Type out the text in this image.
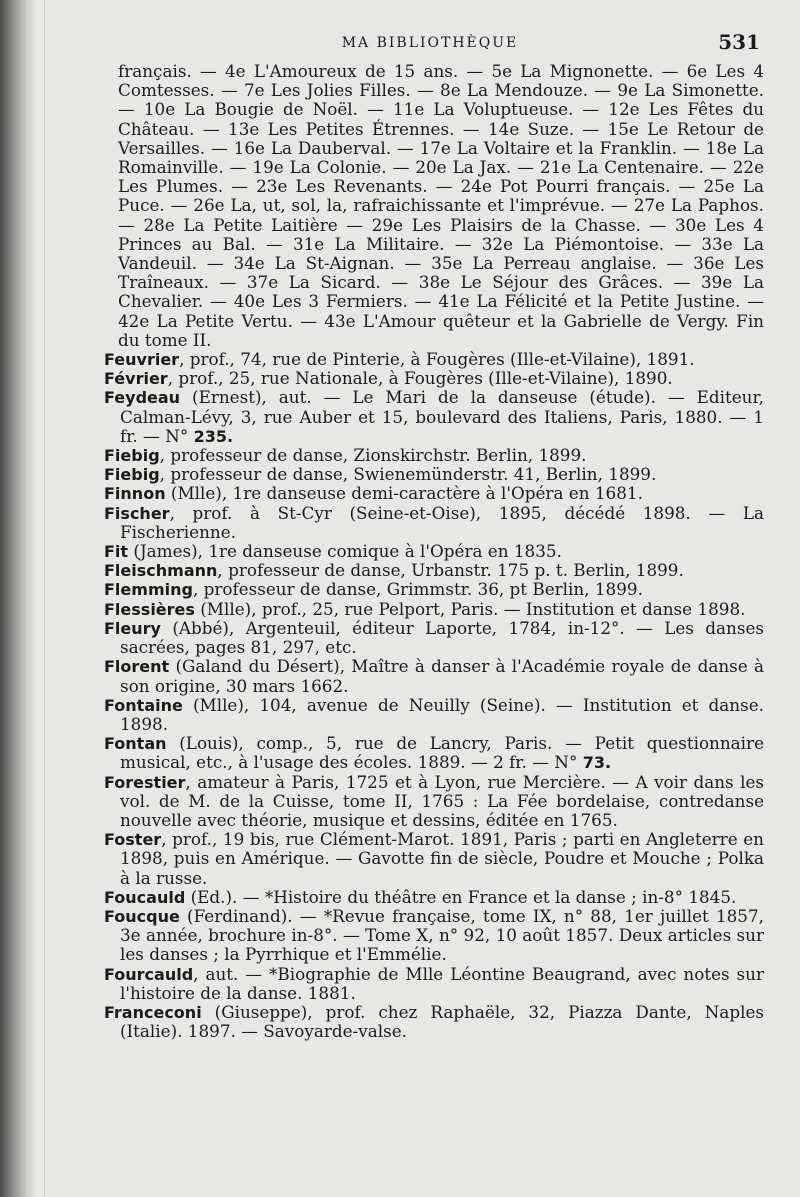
MA BIBLIOTHÈQUE	531
français. — 4e L'Amoureux de 15 ans. — 5e La Mignonette. — 6e Les 4 Comtesses. — 7e Les Jolies Filles. — 8e La Mendouze. — 9e La Simonette. — 10e La Bougie de Noël. — 11e La Voluptueuse. — 12e Les Fêtes du Château. — 13e Les Petites Étrennes. — 14e Suze. — 15e Le Retour de Versailles. — 16e La Dauberval. — 17e La Voltaire et la Franklin. — 18e La Romainville. — 19e La Colonie. — 20e La Jax. — 21e La Centenaire. — 22e Les Plumes. — 23e Les Revenants. — 24e Pot Pourri français. — 25e La Puce. — 26e La, ut, sol, la, rafraichissante et l'imprévue. — 27e La Paphos. — 28e La Petite Laitière — 29e Les Plaisirs de la Chasse. — 30e Les 4 Princes au Bal. — 31e La Militaire. — 32e La Piémontoise. — 33e La Vandeuil. — 34e La St-Aignan. — 35e La Perreau anglaise. — 36e Les Traîneaux. — 37e La Sicard. — 38e Le Séjour des Grâces. — 39e La Chevalier. — 40e Les 3 Fermiers. — 41e La Félicité et la Petite Justine. — 42e La Petite Vertu. — 43e L'Amour quêteur et la Gabrielle de Vergy. Fin du tome II.
Feuvrier, prof., 74, rue de Pinterie, à Fougères (Ille-et-Vilaine), 1891.
Février, prof., 25, rue Nationale, à Fougères (Ille-et-Vilaine), 1890.
Feydeau (Ernest), aut. — Le Mari de la danseuse (étude). — Editeur, Calman-Lévy, 3, rue Auber et 15, boulevard des Italiens, Paris, 1880. — 1 fr. — N° 235.
Fiebig, professeur de danse, Zionskirchstr. Berlin, 1899.
Fiebig, professeur de danse, Swienemünderstr. 41, Berlin, 1899.
Finnon (Mlle), 1re danseuse demi-caractère à l'Opéra en 1681.
Fischer, prof. à St-Cyr (Seine-et-Oise), 1895, décédé 1898. — La Fischerienne.
Fit (James), 1re danseuse comique à l'Opéra en 1835.
Fleischmann, professeur de danse, Urbanstr. 175 p. t. Berlin, 1899.
Flemming, professeur de danse, Grimmstr. 36, pt Berlin, 1899.
Flessières (Mlle), prof., 25, rue Pelport, Paris. — Institution et danse 1898.
Fleury (Abbé), Argenteuil, éditeur Laporte, 1784, in-12°. — Les danses sacrées, pages 81, 297, etc.
Florent (Galand du Désert), Maître à danser à l'Académie royale de danse à son origine, 30 mars 1662.
Fontaine (Mlle), 104, avenue de Neuilly (Seine). — Institution et danse. 1898.
Fontan (Louis), comp., 5, rue de Lancry, Paris. — Petit questionnaire musical, etc., à l'usage des écoles. 1889. — 2 fr. — N° 73.
Forestier, amateur à Paris, 1725 et à Lyon, rue Mercière. — A voir dans les vol. de M. de la Cuisse, tome II, 1765 : La Fée bordelaise, contredanse nouvelle avec théorie, musique et dessins, éditée en 1765.
Foster, prof., 19 bis, rue Clément-Marot. 1891, Paris ; parti en Angleterre en 1898, puis en Amérique. — Gavotte fin de siècle, Poudre et Mouche ; Polka à la russe.
Foucauld (Ed.). — *Histoire du théâtre en France et la danse ; in-8° 1845.
Foucque (Ferdinand). — *Revue française, tome IX, n° 88, 1er juillet 1857, 3e année, brochure in-8°. — Tome X, n° 92, 10 août 1857. Deux articles sur les danses ; la Pyrrhique et l'Emmélie.
Fourcauld, aut. — *Biographie de Mlle Léontine Beaugrand, avec notes sur l'histoire de la danse. 1881.
Franceconi (Giuseppe), prof. chez Raphaële, 32, Piazza Dante, Naples (Italie). 1897. — Savoyarde-valse.
